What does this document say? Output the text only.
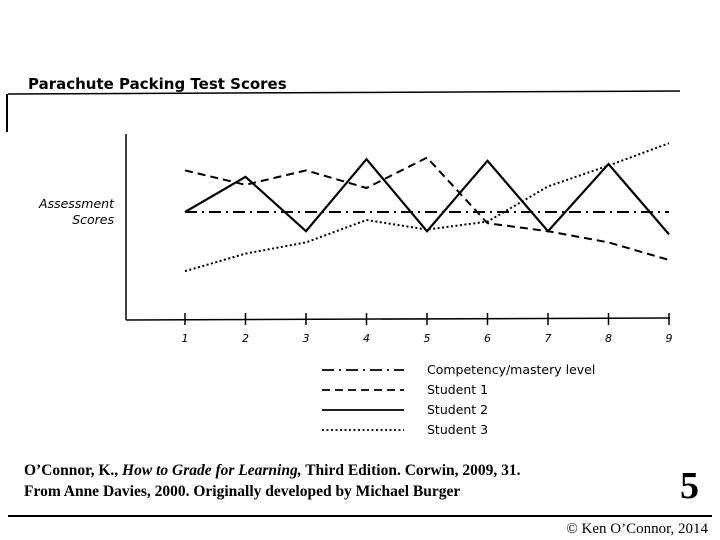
Parachute Packing Test Scores
Assessment
Scores
1	2	3	4	5	6	7	8	9
Competency/mastery level
Student 1
Student 2
Student 3
O’Connor, K., How to Grade for Learning, Third Edition. Corwin, 2009, 31.
From Anne Davies, 2000. Originally developed by Michael Burger	5
© Ken O’Connor, 2014
